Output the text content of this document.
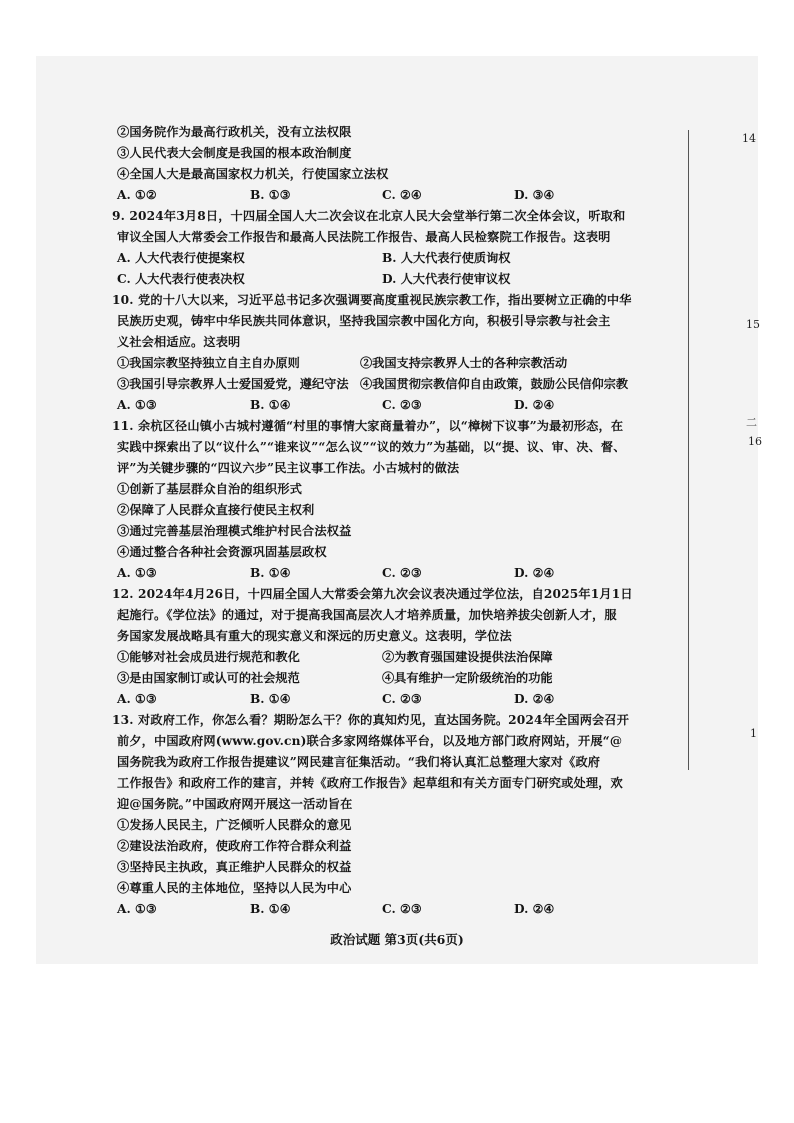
②国务院作为最高行政机关，没有立法权限
③人民代表大会制度是我国的根本政治制度
④全国人大是最高国家权力机关，行使国家立法权
A. ①②	B. ①③	C. ②④	D. ③④
9. 2024年3月8日，十四届全国人大二次会议在北京人民大会堂举行第二次全体会议，听取和
审议全国人大常委会工作报告和最高人民法院工作报告、最高人民检察院工作报告。这表明
A. 人大代表行使提案权	B. 人大代表行使质询权
C. 人大代表行使表决权	D. 人大代表行使审议权
10. 党的十八大以来，习近平总书记多次强调要高度重视民族宗教工作，指出要树立正确的中华
民族历史观，铸牢中华民族共同体意识，坚持我国宗教中国化方向，积极引导宗教与社会主
义社会相适应。这表明
①我国宗教坚持独立自主自办原则	②我国支持宗教界人士的各种宗教活动
③我国引导宗教界人士爱国爱党，遵纪守法 ④我国贯彻宗教信仰自由政策，鼓励公民信仰宗教
A. ①③	B. ①④	C. ②③	D. ②④
11. 余杭区径山镇小古城村遵循“村里的事情大家商量着办”，以“樟树下议事”为最初形态，在
实践中探索出了以“议什么”“谁来议”“怎么议”“议的效力”为基础，以“提、议、审、决、督、
评”为关键步骤的“四议六步”民主议事工作法。小古城村的做法
①创新了基层群众自治的组织形式
②保障了人民群众直接行使民主权利
③通过完善基层治理模式维护村民合法权益
④通过整合各种社会资源巩固基层政权
A. ①③	B. ①④	C. ②③	D. ②④
12. 2024年4月26日，十四届全国人大常委会第九次会议表决通过学位法，自2025年1月1日
起施行。《学位法》的通过，对于提高我国高层次人才培养质量，加快培养拔尖创新人才，服
务国家发展战略具有重大的现实意义和深远的历史意义。这表明，学位法
①能够对社会成员进行规范和教化	②为教育强国建设提供法治保障
③是由国家制订或认可的社会规范	④具有维护一定阶级统治的功能
A. ①③	B. ①④	C. ②③	D. ②④
13. 对政府工作，你怎么看？期盼怎么干？你的真知灼见，直达国务院。2024年全国两会召开
前夕，中国政府网(www.gov.cn)联合多家网络媒体平台，以及地方部门政府网站，开展“@
国务院我为政府工作报告提建议”网民建言征集活动。“我们将认真汇总整理大家对《政府
工作报告》和政府工作的建言，并转《政府工作报告》起草组和有关方面专门研究或处理，欢
迎@国务院。”中国政府网开展这一活动旨在
①发扬人民民主，广泛倾听人民群众的意见
②建设法治政府，使政府工作符合群众利益
③坚持民主执政，真正维护人民群众的权益
④尊重人民的主体地位，坚持以人民为中心
A. ①③	B. ①④	C. ②③	D. ②④
14
15
二
16
1
政治试题 第3页(共6页)
